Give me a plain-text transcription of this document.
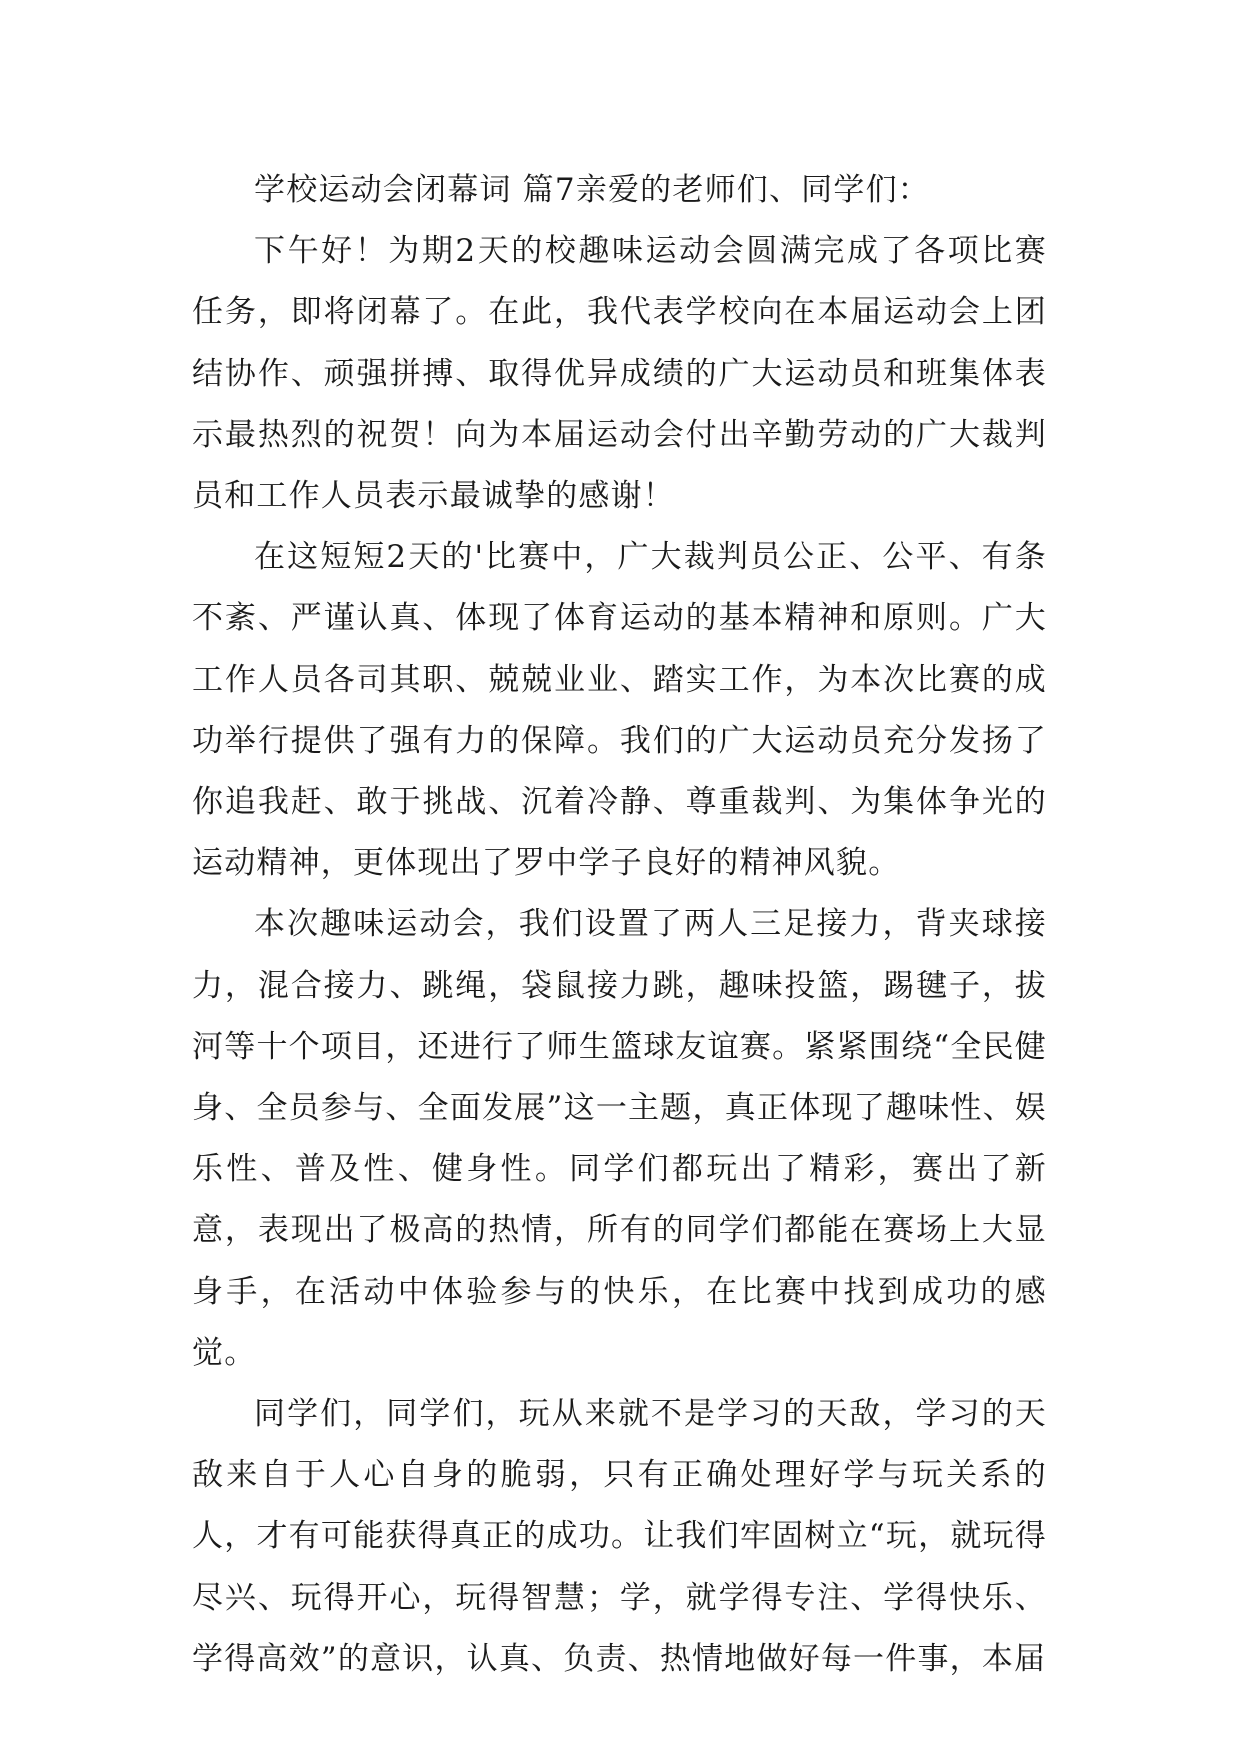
学校运动会闭幕词 篇7亲爱的老师们、同学们：

下午好！为期2天的校趣味运动会圆满完成了各项比赛任务，即将闭幕了。在此，我代表学校向在本届运动会上团结协作、顽强拼搏、取得优异成绩的广大运动员和班集体表示最热烈的祝贺！向为本届运动会付出辛勤劳动的广大裁判员和工作人员表示最诚挚的感谢！

在这短短2天的'比赛中，广大裁判员公正、公平、有条不紊、严谨认真、体现了体育运动的基本精神和原则。广大工作人员各司其职、兢兢业业、踏实工作，为本次比赛的成功举行提供了强有力的保障。我们的广大运动员充分发扬了你追我赶、敢于挑战、沉着冷静、尊重裁判、为集体争光的运动精神，更体现出了罗中学子良好的精神风貌。

本次趣味运动会，我们设置了两人三足接力，背夹球接力，混合接力、跳绳，袋鼠接力跳，趣味投篮，踢毽子，拔河等十个项目，还进行了师生篮球友谊赛。紧紧围绕“全民健身、全员参与、全面发展”这一主题，真正体现了趣味性、娱乐性、普及性、健身性。同学们都玩出了精彩，赛出了新意，表现出了极高的热情，所有的同学们都能在赛场上大显身手，在活动中体验参与的快乐，在比赛中找到成功的感觉。

同学们，同学们，玩从来就不是学习的天敌，学习的天敌来自于人心自身的脆弱，只有正确处理好学与玩关系的人，才有可能获得真正的成功。让我们牢固树立“玩，就玩得尽兴、玩得开心，玩得智慧；学，就学得专注、学得快乐、学得高效”的意识，认真、负责、热情地做好每一件事，本届
